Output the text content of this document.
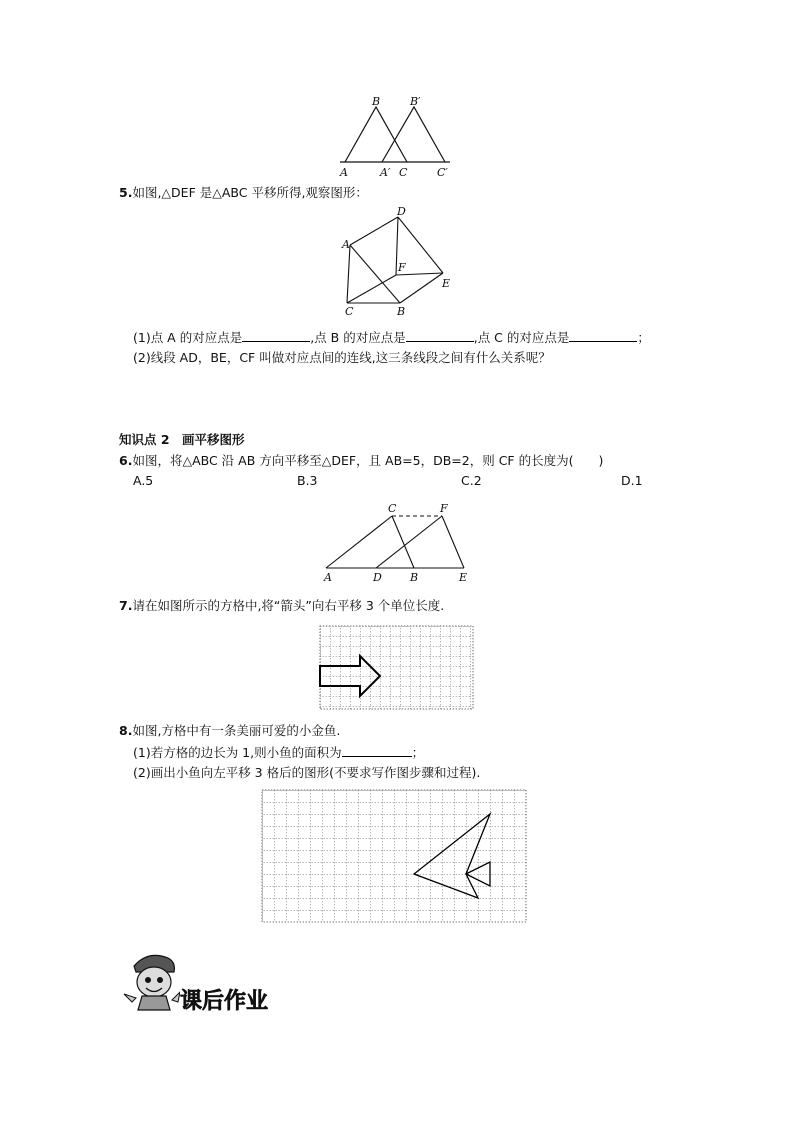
B	B′
A	A′ C	C′
5.如图,△DEF 是△ABC 平移所得,观察图形：
A
D
F
E
C	B
(1)点 A 的对应点是	,点 B 的对应点是	,点 C 的对应点是	；
(2)线段 AD，BE，CF 叫做对应点间的连线,这三条线段之间有什么关系呢？
知识点 2　画平移图形
6.如图，将△ABC 沿 AB 方向平移至△DEF，且 AB=5，DB=2，则 CF 的长度为(　　)
A.5	B.3	C.2	D.1
C	F
A	D	B	E
7.请在如图所示的方格中,将“箭头”向右平移 3 个单位长度.
8.如图,方格中有一条美丽可爱的小金鱼.
(1)若方格的边长为 1,则小鱼的面积为	；
(2)画出小鱼向左平移 3 格后的图形(不要求写作图步骤和过程).
课后作业
